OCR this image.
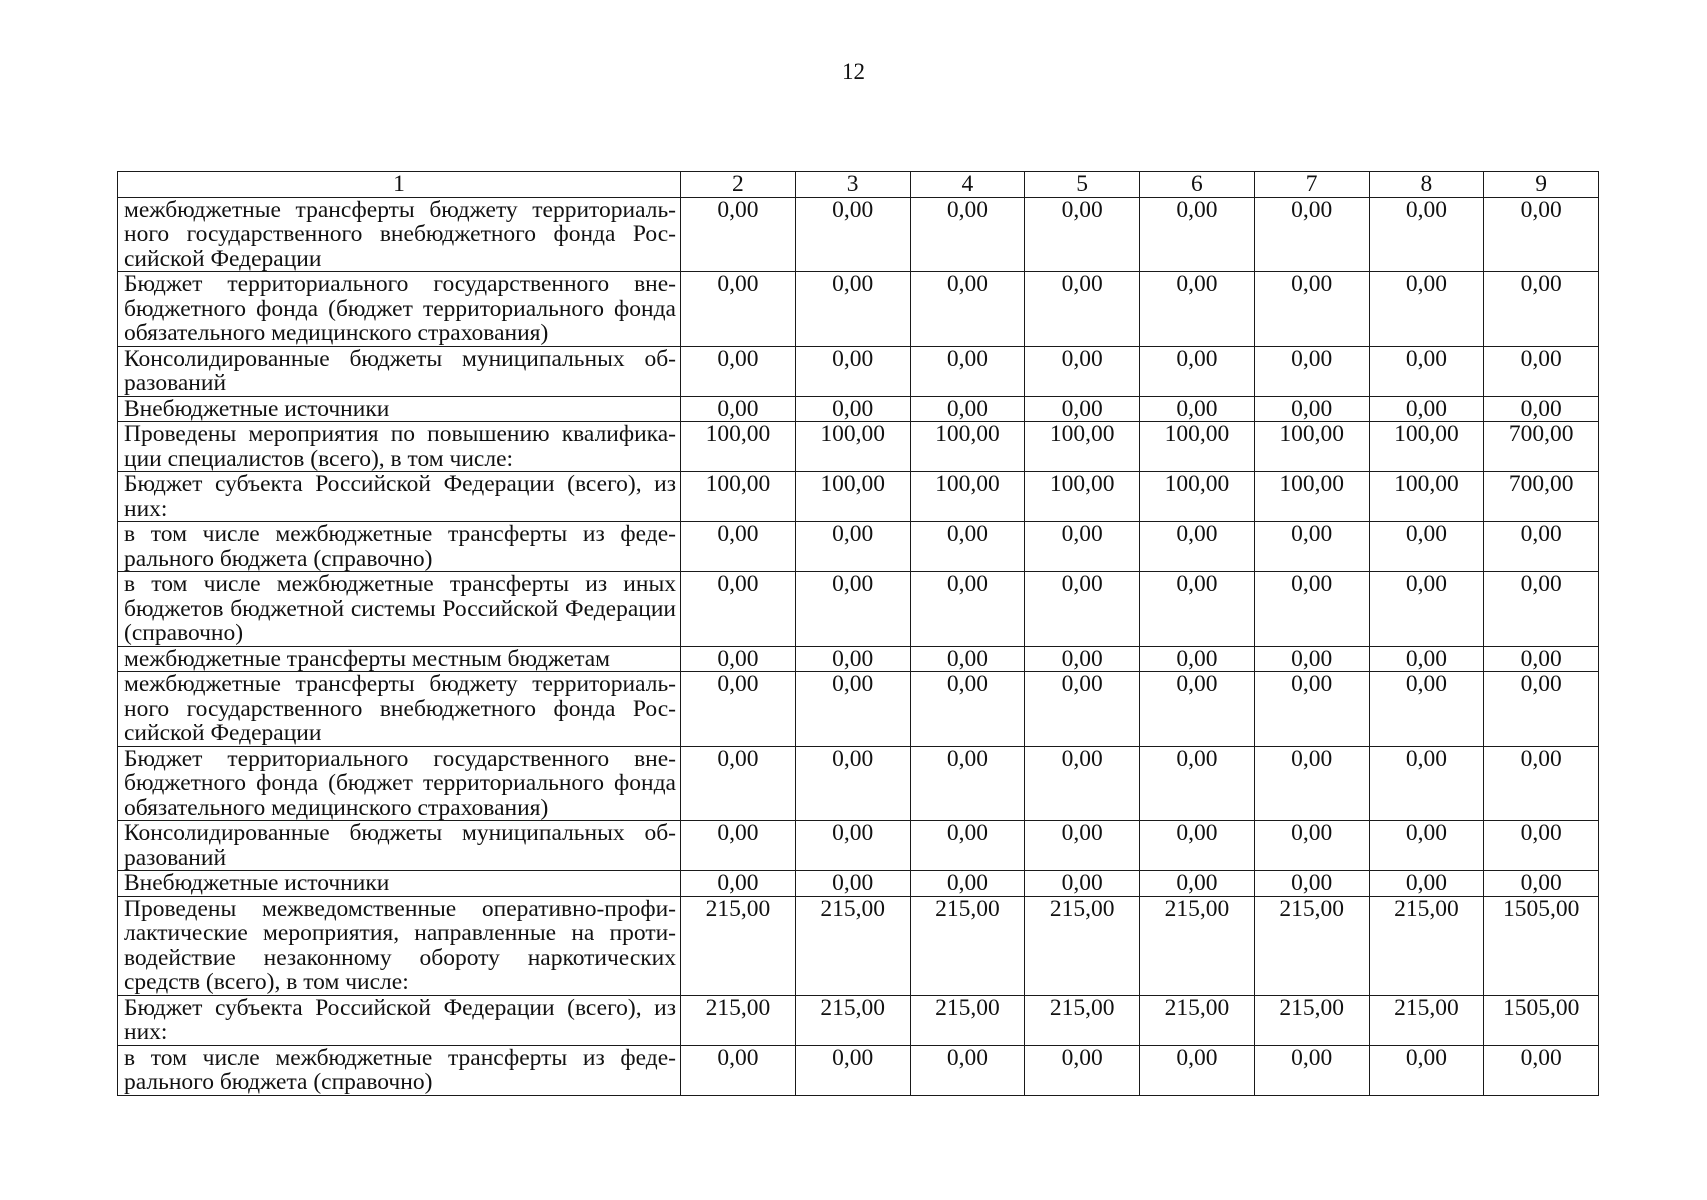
12
1	2	3	4	5	6	7	8	9
межбюджетные трансферты бюджету территориального государственного внебюджетного фонда Российской Федерации	0,00	0,00	0,00	0,00	0,00	0,00	0,00	0,00
Бюджет территориального государственного внебюджетного фонда (бюджет территориального фонда обязательного медицинского страхования)	0,00	0,00	0,00	0,00	0,00	0,00	0,00	0,00
Консолидированные бюджеты муниципальных образований	0,00	0,00	0,00	0,00	0,00	0,00	0,00	0,00
Внебюджетные источники	0,00	0,00	0,00	0,00	0,00	0,00	0,00	0,00
Проведены мероприятия по повышению квалификации специалистов (всего), в том числе:	100,00	100,00	100,00	100,00	100,00	100,00	100,00	700,00
Бюджет субъекта Российской Федерации (всего), из них:	100,00	100,00	100,00	100,00	100,00	100,00	100,00	700,00
в том числе межбюджетные трансферты из федерального бюджета (справочно)	0,00	0,00	0,00	0,00	0,00	0,00	0,00	0,00
в том числе межбюджетные трансферты из иных бюджетов бюджетной системы Российской Федерации (справочно)	0,00	0,00	0,00	0,00	0,00	0,00	0,00	0,00
межбюджетные трансферты местным бюджетам	0,00	0,00	0,00	0,00	0,00	0,00	0,00	0,00
межбюджетные трансферты бюджету территориального государственного внебюджетного фонда Российской Федерации	0,00	0,00	0,00	0,00	0,00	0,00	0,00	0,00
Бюджет территориального государственного внебюджетного фонда (бюджет территориального фонда обязательного медицинского страхования)	0,00	0,00	0,00	0,00	0,00	0,00	0,00	0,00
Консолидированные бюджеты муниципальных образований	0,00	0,00	0,00	0,00	0,00	0,00	0,00	0,00
Внебюджетные источники	0,00	0,00	0,00	0,00	0,00	0,00	0,00	0,00
Проведены межведомственные оперативно-профилактические мероприятия, направленные на противодействие незаконному обороту наркотических средств (всего), в том числе:	215,00	215,00	215,00	215,00	215,00	215,00	215,00	1505,00
Бюджет субъекта Российской Федерации (всего), из них:	215,00	215,00	215,00	215,00	215,00	215,00	215,00	1505,00
в том числе межбюджетные трансферты из федерального бюджета (справочно)	0,00	0,00	0,00	0,00	0,00	0,00	0,00	0,00
